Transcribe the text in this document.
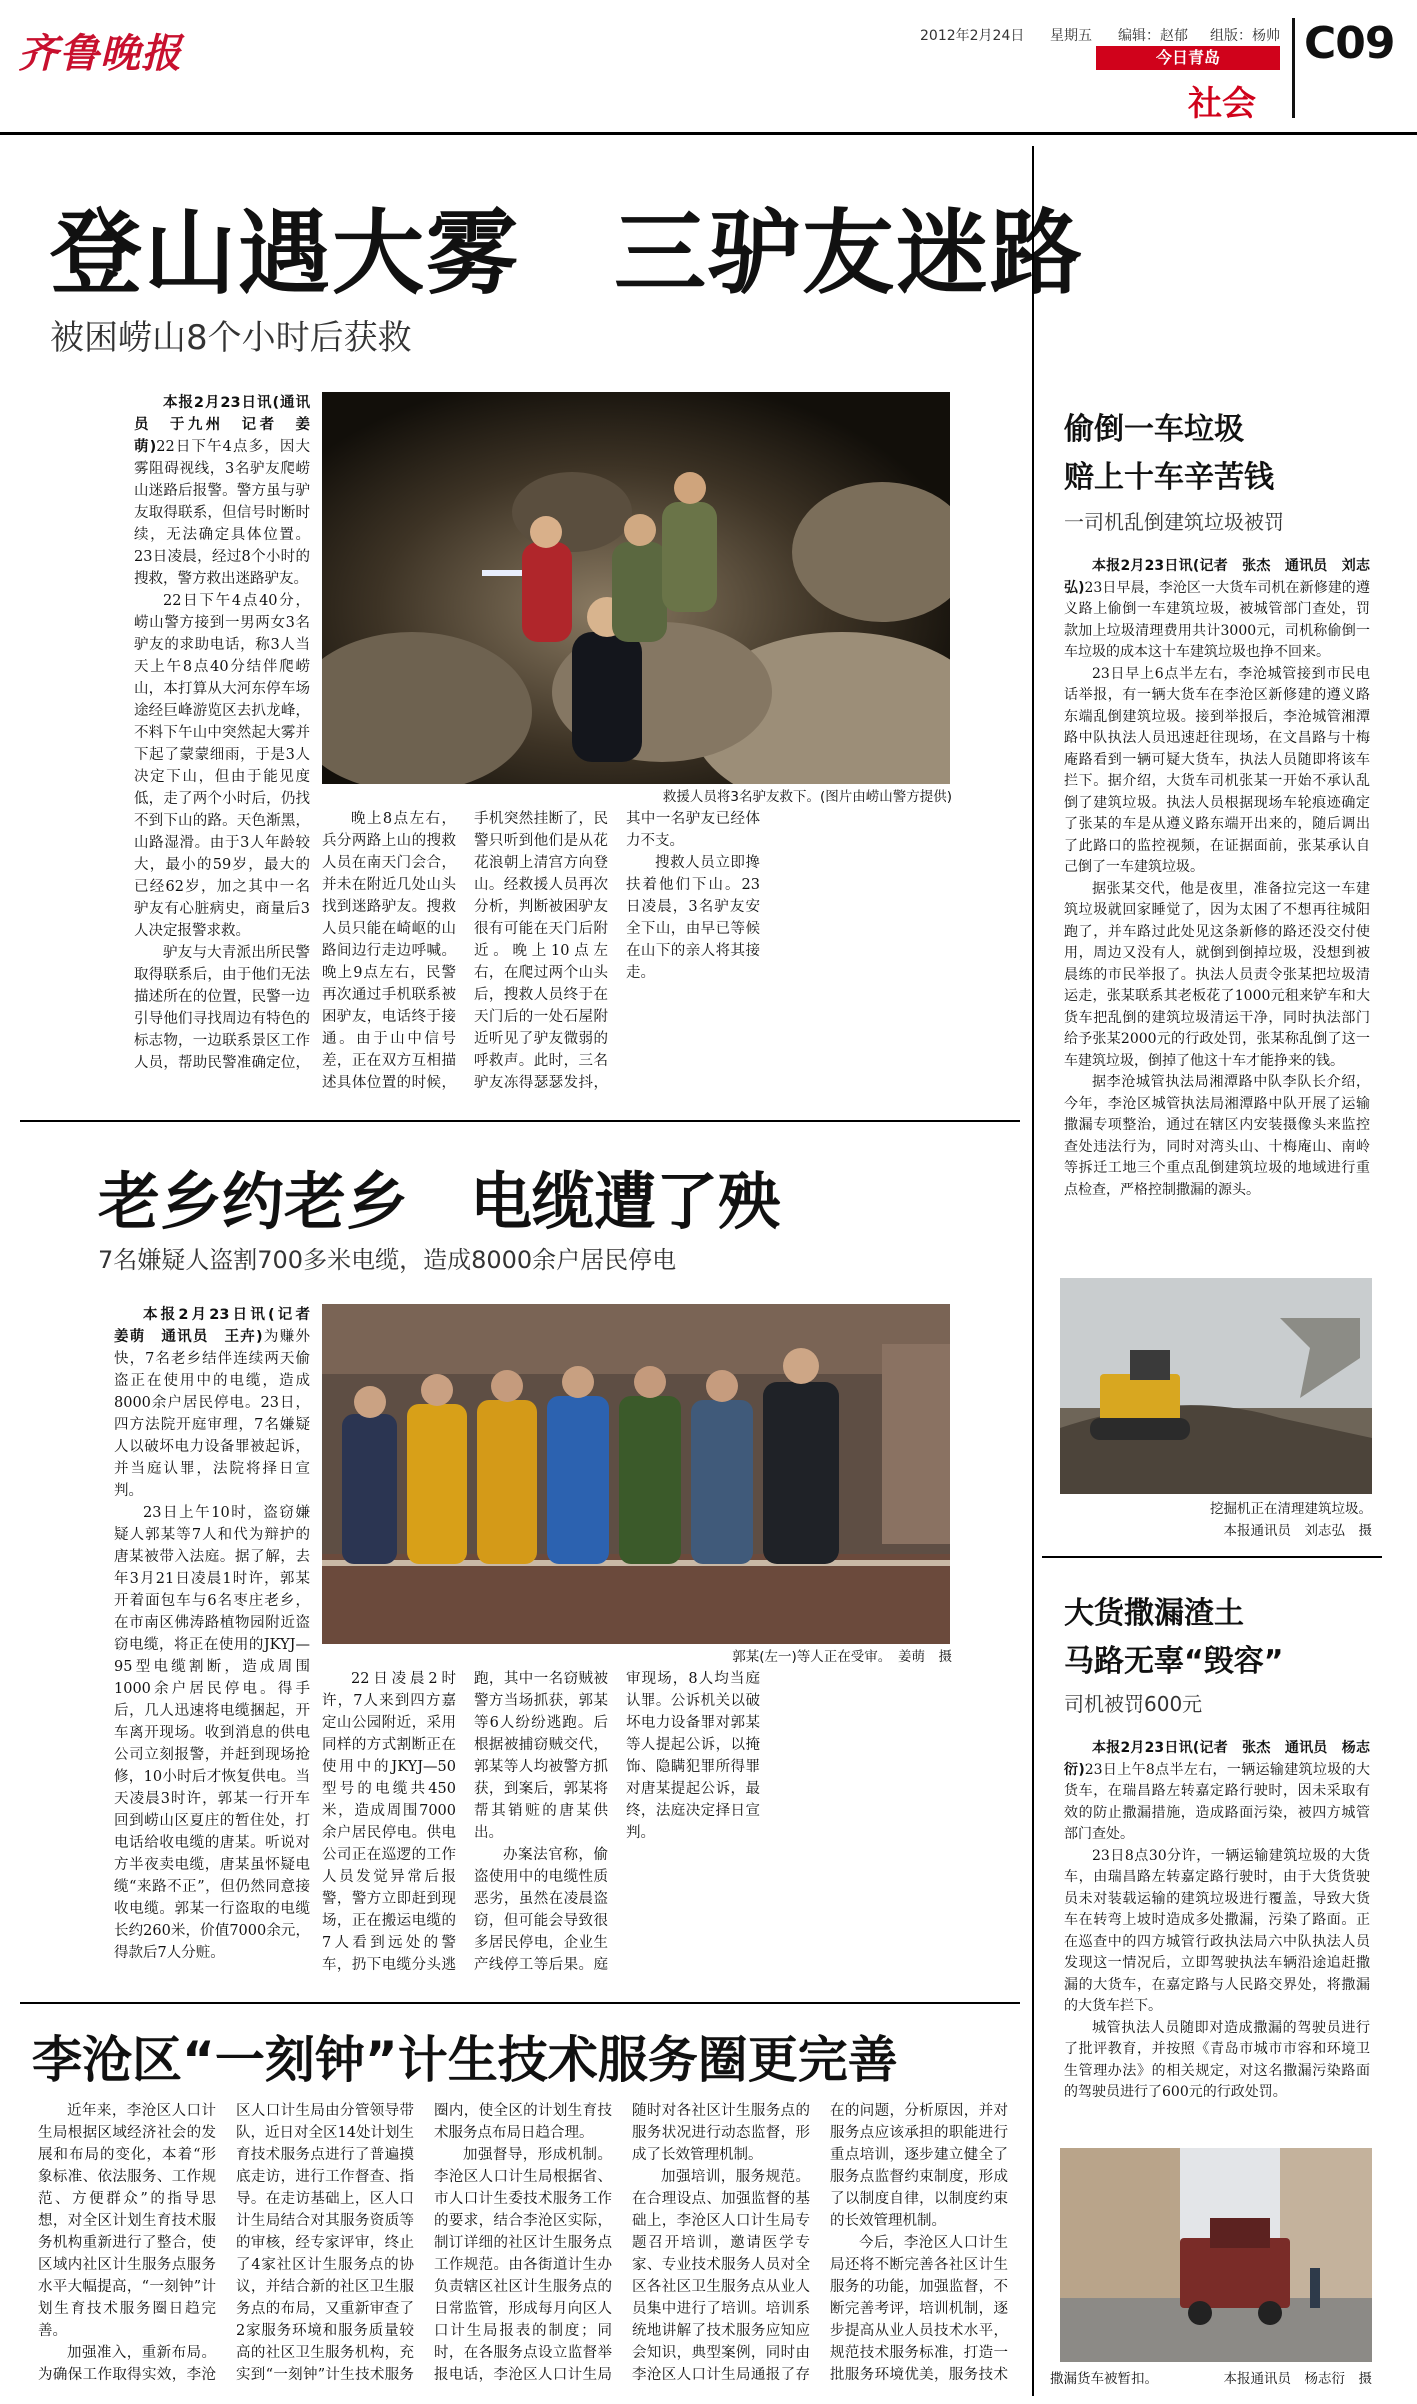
齐鲁晚报	2012年2月24日 星期五 编辑：赵郁 组版：杨帅
今日青岛
社会
C09
登山遇大雾　三驴友迷路
被困崂山8个小时后获救

本报2月23日讯(通讯员　于九州　记者　姜萌)22日下午4点多，因大雾阻碍视线，3名驴友爬崂山迷路后报警。警方虽与驴友取得联系，但信号时断时续，无法确定具体位置。23日凌晨，经过8个小时的搜救，警方救出迷路驴友。

22日下午4点40分，崂山警方接到一男两女3名驴友的求助电话，称3人当天上午8点40分结伴爬崂山，本打算从大河东停车场途经巨峰游览区去扒龙峰，不料下午山中突然起大雾并下起了蒙蒙细雨，于是3人决定下山，但由于能见度低，走了两个小时后，仍找不到下山的路。天色渐黑，山路湿滑。由于3人年龄较大，最小的59岁，最大的已经62岁，加之其中一名驴友有心脏病史，商量后3人决定报警求救。

驴友与大青派出所民警取得联系后，由于他们无法描述所在的位置，民警一边引导他们寻找周边有特色的标志物，一边联系景区工作人员，帮助民警准确定位，

救援人员将3名驴友救下。(图片由崂山警方提供)

晚上8点左右，兵分两路上山的搜救人员在南天门会合，并未在附近几处山头找到迷路驴友。搜救人员只能在崎岖的山路间边行走边呼喊。晚上9点左右，民警再次通过手机联系被困驴友，电话终于接通。由于山中信号差，正在双方互相描述具体位置的时候，手机突然挂断了，民警只听到他们是从花花浪朝上清宫方向登山。经救援人员再次分析，判断被困驴友很有可能在天门后附近。晚上10点左右，在爬过两个山头后，搜救人员终于在天门后的一处石屋附近听见了驴友微弱的呼救声。此时，三名驴友冻得瑟瑟发抖，其中一名驴友已经体力不支。

搜救人员立即搀扶着他们下山。23日凌晨，3名驴友安全下山，由早已等候在山下的亲人将其接走。

老乡约老乡　电缆遭了殃
7名嫌疑人盗割700多米电缆，造成8000余户居民停电

本报2月23日讯(记者　姜萌　通讯员　王卉)为赚外快，7名老乡结伴连续两天偷盗正在使用中的电缆，造成8000余户居民停电。23日，四方法院开庭审理，7名嫌疑人以破坏电力设备罪被起诉，并当庭认罪，法院将择日宣判。

23日上午10时，盗窃嫌疑人郭某等7人和代为辩护的唐某被带入法庭。据了解，去年3月21日凌晨1时许，郭某开着面包车与6名枣庄老乡，在市南区佛涛路植物园附近盗窃电缆，将正在使用的JKYJ—95型电缆割断，造成周围1000余户居民停电。得手后，几人迅速将电缆捆起，开车离开现场。收到消息的供电公司立刻报警，并赶到现场抢修，10小时后才恢复供电。当天凌晨3时许，郭某一行开车回到崂山区夏庄的暂住处，打电话给收电缆的唐某。听说对方半夜卖电缆，唐某虽怀疑电缆“来路不正”，但仍然同意接收电缆。郭某一行盗取的电缆长约260米，价值7000余元，得款后7人分赃。

郭某(左一)等人正在受审。　姜萌　摄

22日凌晨2时许，7人来到四方嘉定山公园附近，采用同样的方式割断正在使用中的JKYJ—50型号的电缆共450米，造成周围7000余户居民停电。供电公司正在巡逻的工作人员发觉异常后报警，警方立即赶到现场，正在搬运电缆的7人看到远处的警车，扔下电缆分头逃跑，其中一名窃贼被警方当场抓获，郭某等6人纷纷逃跑。后根据被捕窃贼交代，郭某等人均被警方抓获，到案后，郭某将帮其销赃的唐某供出。

办案法官称，偷盗使用中的电缆性质恶劣，虽然在凌晨盗窃，但可能会导致很多居民停电，企业生产线停工等后果。庭审现场，8人均当庭认罪。公诉机关以破坏电力设备罪对郭某等人提起公诉，以掩饰、隐瞒犯罪所得罪对唐某提起公诉，最终，法庭决定择日宣判。

李沧区“一刻钟”计生技术服务圈更完善

近年来，李沧区人口计生局根据区域经济社会的发展和布局的变化，本着“形象标准、依法服务、工作规范、方便群众”的指导思想，对全区计划生育技术服务机构重新进行了整合，使区域内社区计生服务点服务水平大幅提高，“一刻钟”计划生育技术服务圈日趋完善。

加强准入，重新布局。为确保工作取得实效，李沧区人口计生局由分管领导带队，近日对全区14处计划生育技术服务点进行了普遍摸底走访，进行工作督查、指导。在走访基础上，区人口计生局结合对其服务资质等的审核，经专家评审，终止了4家社区计生服务点的协议，并结合新的社区卫生服务点的布局，又重新审查了2家服务环境和服务质量较高的社区卫生服务机构，充实到“一刻钟”计生技术服务圈内，使全区的计划生育技术服务点布局日趋合理。

加强督导，形成机制。李沧区人口计生局根据省、市人口计生委技术服务工作的要求，结合李沧区实际，制订详细的社区计生服务点工作规范。由各街道计生办负责辖区社区计生服务点的日常监管，形成每月向区人口计生局报表的制度；同时，在各服务点设立监督举报电话，李沧区人口计生局随时对各社区计生服务点的服务状况进行动态监督，形成了长效管理机制。

加强培训，服务规范。在合理设点、加强监督的基础上，李沧区人口计生局专题召开培训，邀请医学专家、专业技术服务人员对全区各社区卫生服务点从业人员集中进行了培训。培训系统地讲解了技术服务应知应会知识，典型案例，同时由李沧区人口计生局通报了存在的问题，分析原因，并对服务点应该承担的职能进行重点培训，逐步建立健全了服务点监督约束制度，形成了以制度自律，以制度约束的长效管理机制。

今后，李沧区人口计生局还将不断完善各社区计生服务的功能，加强监督，不断完善考评，培训机制，逐步提高从业人员技术水平，规范技术服务标准，打造一批服务环境优美，服务技术

偷倒一车垃圾
赔上十车辛苦钱
一司机乱倒建筑垃圾被罚

本报2月23日讯(记者　张杰　通讯员　刘志弘)23日早晨，李沧区一大货车司机在新修建的遵义路上偷倒一车建筑垃圾，被城管部门查处，罚款加上垃圾清理费用共计3000元，司机称偷倒一车垃圾的成本这十车建筑垃圾也挣不回来。

23日早上6点半左右，李沧城管接到市民电话举报，有一辆大货车在李沧区新修建的遵义路东端乱倒建筑垃圾。接到举报后，李沧城管湘潭路中队执法人员迅速赶往现场，在文昌路与十梅庵路看到一辆可疑大货车，执法人员随即将该车拦下。据介绍，大货车司机张某一开始不承认乱倒了建筑垃圾。执法人员根据现场车轮痕迹确定了张某的车是从遵义路东端开出来的，随后调出了此路口的监控视频，在证据面前，张某承认自己倒了一车建筑垃圾。

据张某交代，他是夜里，准备拉完这一车建筑垃圾就回家睡觉了，因为太困了不想再往城阳跑了，并车路过此处见这条新修的路还没交付使用，周边又没有人，就倒到倒掉垃圾，没想到被晨练的市民举报了。执法人员责令张某把垃圾清运走，张某联系其老板花了1000元租来铲车和大货车把乱倒的建筑垃圾清运干净，同时执法部门给予张某2000元的行政处罚，张某称乱倒了这一车建筑垃圾，倒掉了他这十车才能挣来的钱。

据李沧城管执法局湘潭路中队李队长介绍，今年，李沧区城管执法局湘潭路中队开展了运输撒漏专项整治，通过在辖区内安装摄像头来监控查处违法行为，同时对湾头山、十梅庵山、南岭等拆迁工地三个重点乱倒建筑垃圾的地域进行重点检查，严格控制撒漏的源头。

挖掘机正在清理建筑垃圾。
本报通讯员　刘志弘　摄
大货撒漏渣土
马路无辜“毁容”
司机被罚600元

本报2月23日讯(记者　张杰　通讯员　杨志衍)23日上午8点半左右，一辆运输建筑垃圾的大货车，在瑞昌路左转嘉定路行驶时，因未采取有效的防止撒漏措施，造成路面污染，被四方城管部门查处。

23日8点30分许，一辆运输建筑垃圾的大货车，由瑞昌路左转嘉定路行驶时，由于大货货驶员未对装载运输的建筑垃圾进行覆盖，导致大货车在转弯上坡时造成多处撒漏，污染了路面。正在巡查中的四方城管行政执法局六中队执法人员发现这一情况后，立即驾驶执法车辆沿途追赶撒漏的大货车，在嘉定路与人民路交界处，将撒漏的大货车拦下。

城管执法人员随即对造成撒漏的驾驶员进行了批评教育，并按照《青岛市城市市容和环境卫生管理办法》的相关规定，对这名撒漏污染路面的驾驶员进行了600元的行政处罚。

撒漏货车被暂扣。	本报通讯员　杨志衍　摄
